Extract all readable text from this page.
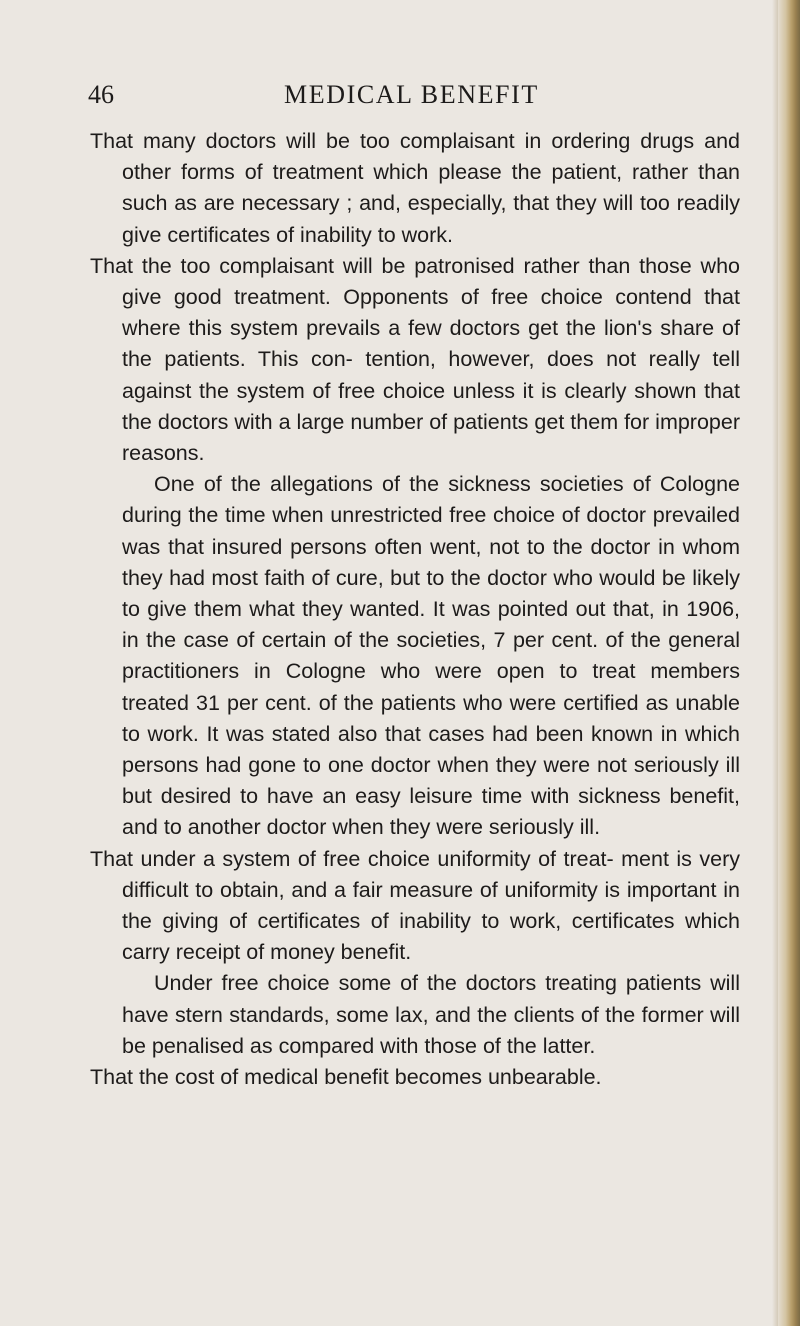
46	MEDICAL BENEFIT

That many doctors will be too complaisant in ordering drugs and other forms of treatment which please the patient, rather than such as are necessary ; and, especially, that they will too readily give certificates of inability to work.

That the too complaisant will be patronised rather than those who give good treatment. Opponents of free choice contend that where this system prevails a few doctors get the lion's share of the patients. This con- tention, however, does not really tell against the system of free choice unless it is clearly shown that the doctors with a large number of patients get them for improper reasons.

One of the allegations of the sickness societies of Cologne during the time when unrestricted free choice of doctor prevailed was that insured persons often went, not to the doctor in whom they had most faith of cure, but to the doctor who would be likely to give them what they wanted. It was pointed out that, in 1906, in the case of certain of the societies, 7 per cent. of the general practitioners in Cologne who were open to treat members treated 31 per cent. of the patients who were certified as unable to work. It was stated also that cases had been known in which persons had gone to one doctor when they were not seriously ill but desired to have an easy leisure time with sickness benefit, and to another doctor when they were seriously ill.

That under a system of free choice uniformity of treat- ment is very difficult to obtain, and a fair measure of uniformity is important in the giving of certificates of inability to work, certificates which carry receipt of money benefit.

Under free choice some of the doctors treating patients will have stern standards, some lax, and the clients of the former will be penalised as compared with those of the latter.

That the cost of medical benefit becomes unbearable.
